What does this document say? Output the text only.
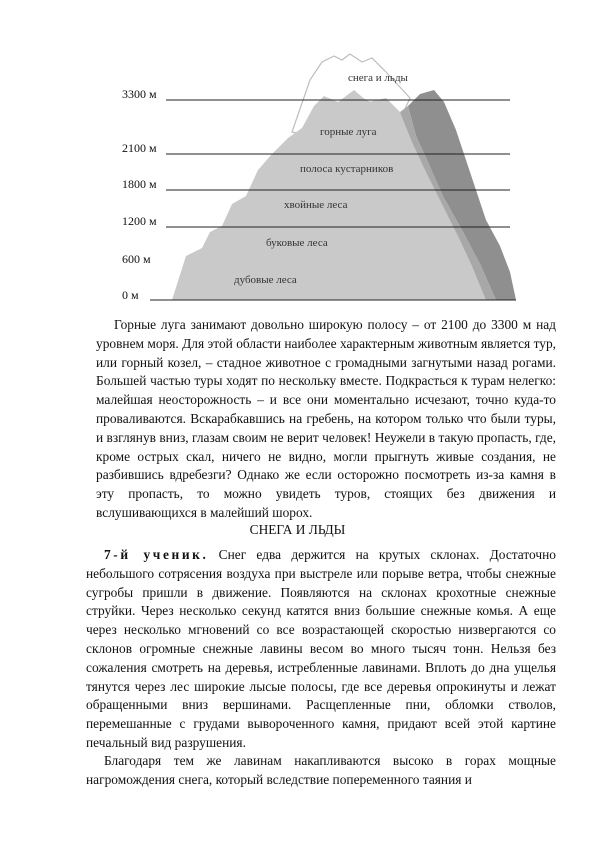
3300 м
2100 м
1800 м
1200 м
600 м
0 м
снега и льды
горные луга
полоса кустарников
хвойные леса
буковые леса
дубовые леса

Горные луга занимают довольно широкую полосу – от 2100 до 3300 м над уровнем моря. Для этой области наиболее характерным животным является тур, или горный козел, – стадное животное с громадными загнутыми назад рогами. Большей частью туры ходят по нескольку вместе. Подкрасться к турам нелегко: малейшая неосторожность – и все они моментально исчезают, точно куда-то проваливаются. Вскарабкавшись на гребень, на котором только что были туры, и взглянув вниз, глазам своим не верит человек! Неужели в такую пропасть, где, кроме острых скал, ничего не видно, могли прыгнуть живые создания, не разбившись вдребезги? Однако же если осторожно посмотреть из-за камня в эту пропасть, то можно увидеть туров, стоящих без движения и вслушивающихся в малейший шорох.

СНЕГА И ЛЬДЫ

7-й ученик. Снег едва держится на крутых склонах. Достаточно небольшого сотрясения воздуха при выстреле или порыве ветра, чтобы снежные сугробы пришли в движение. Появляются на склонах крохотные снежные струйки. Через несколько секунд катятся вниз большие снежные комья. А еще через несколько мгновений со все возрастающей скоростью низвергаются со склонов огромные снежные лавины весом во много тысяч тонн. Нельзя без сожаления смотреть на деревья, истребленные лавинами. Вплоть до дна ущелья тянутся через лес широкие лысые полосы, где все деревья опрокинуты и лежат обращенными вниз вершинами. Расщепленные пни, обломки стволов, перемешанные с грудами вывороченного камня, придают всей этой картине печальный вид разрушения.

Благодаря тем же лавинам накапливаются высоко в горах мощные нагромождения снега, который вследствие попеременного таяния и
